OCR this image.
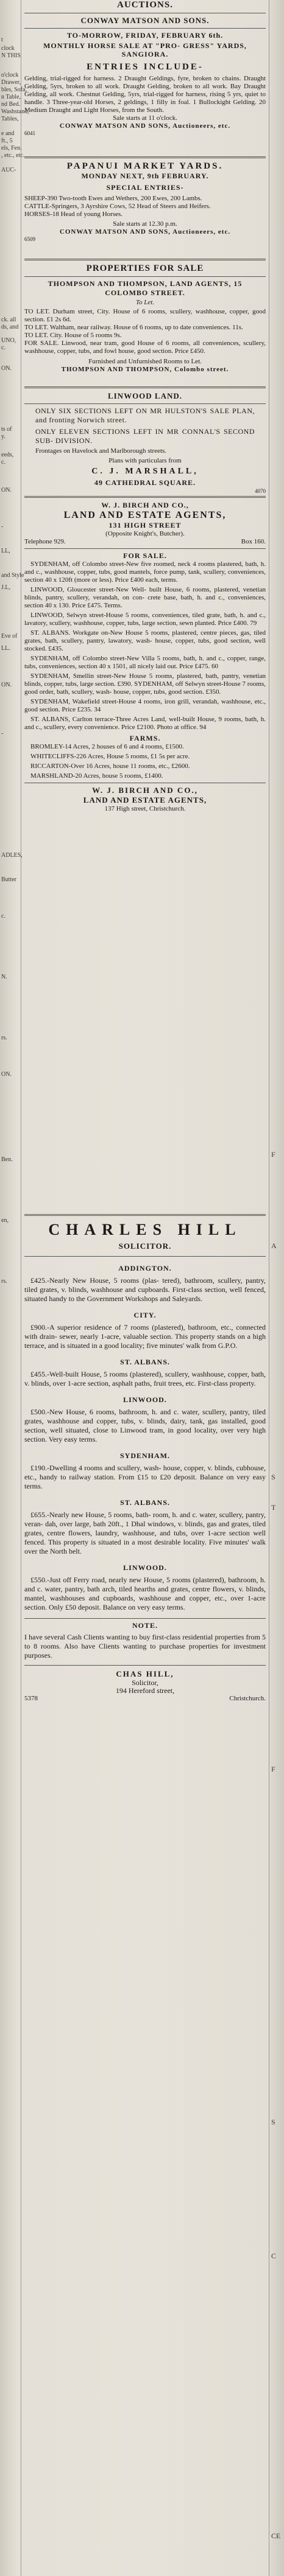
t
clock
N THIS
o'clock
Drawer,
bles, Sofa,
n Table,
nd Bed.
Washstand,
Tables,
e and
ft., 5
els, Fen.
, etc., etc.
AUC-
ck. all
ds, and
UNO,
c.
ON.
ts of
y.
eeds,
c.
ON.
-
LL,
and Style
J.L,
Eve of
LL.
ON.
-
ADLES,
Butter
c.
N.
rs.
ON.
Ben.
en,
rs.
F
A
S
T
F
S
C
CE
AUCTIONS.
CONWAY MATSON AND SONS.
TO-MORROW, FRIDAY, FEBRUARY 6th.
MONTHLY HORSE SALE AT "PRO- GRESS" YARDS, SANGIORA.
ENTRIES INCLUDE-

Gelding, trial-rigged for harness. 2 Draught Geldings, fyre, broken to chains. Draught Gelding, 5yrs, broken to all work. Draught Gelding, broken to all work. Bay Draught Gelding, all work. Chestnut Gelding, 5yrs, trial-rigged for harness, rising 5 yrs, quiet to handle. 3 Three-year-old Horses, 2 geldings, 1 filly in foal. 1 Bullockight Gelding. 20 Medium Draught and Light Horses, from the South.

Sale starts at 11 o'clock.
CONWAY MATSON AND SONS, Auctioneers, etc.
6041
PAPANUI MARKET YARDS.
MONDAY NEXT, 9th FEBRUARY.
SPECIAL ENTRIES-

SHEEP-390 Two-tooth Ewes and Wethers, 200 Ewes, 200 Lambs.

CATTLE-Springers, 3 Ayrshire Cows, 52 Head of Steers and Heifers.

HORSES-18 Head of young Horses.

Sale starts at 12.30 p.m.
CONWAY MATSON AND SONS, Auctioneers, etc.
6509
PROPERTIES FOR SALE
THOMPSON AND THOMPSON, LAND AGENTS, 15 COLOMBO STREET.
To Let.

TO LET. Durham street, City. House of 6 rooms, scullery, washhouse, copper, good section. £1 2s 6d.

TO LET. Waltham, near railway. House of 6 rooms, up to date conveniences. 11s.

TO LET. City. House of 5 rooms 9s.

FOR SALE. Linwood, near tram, good House of 6 rooms, all conveniences, scullery, washhouse, copper, tubs, and fowl house, good section. Price £450.

Furnished and Unfurnished Rooms to Let.

THOMPSON AND THOMPSON, Colombo street.
LINWOOD LAND.

ONLY SIX SECTIONS LEFT ON MR HULSTON'S SALE PLAN, and fronting Norwich street.

ONLY ELEVEN SECTIONS LEFT IN MR CONNAL'S SECOND SUB- DIVISION.

Frontages on Havelock and Marlborough streets.

Plans with particulars from
C. J. MARSHALL,
49 CATHEDRAL SQUARE.
4070
W. J. BIRCH AND CO.,
LAND AND ESTATE AGENTS,
131 HIGH STREET
(Opposite Knight's, Butcher).
Telephone 929.	Box 160.
FOR SALE.

SYDENHAM, off Colombo street-New five roomed, neck 4 rooms plastered, bath, h. and c., washhouse, copper, tubs, good mantels, force pump, tank, scullery, conveniences, section 40 x 120ft (more or less). Price £400 each, terms.

LINWOOD, Gloucester street-New Well- built House, 6 rooms, plastered, venetian blinds, pantry, scullery, verandah, on con- crete base, bath, h. and c., conveniences, section 40 x 130. Price £475. Terms.

LINWOOD, Selwyn street-House 5 rooms, conveniences, tiled grate, bath, h. and c., lavatory, scullery, washhouse, copper, tubs, large section, sewn planted. Price £400. 79

ST. ALBANS. Workgate on-New House 5 rooms, plastered, centre pieces, gas, tiled grates, bath, scullery, pantry, lawatory, wash- house, copper, tubs, good section, well stocked. £435.

SYDENHAM, off Colombo street-New Villa 5 rooms, bath, h. and c., copper, range, tubs, conveniences, section 40 x 1501, all nicely laid out. Price £475. 60

SYDENHAM, Smellin street-New House 5 rooms, plastered, bath, pantry, venetian blinds, copper, tubs, large section. £390. SYDENHAM, off Selwyn street-House 7 rooms, good order, bath, scullery, wash- house, copper, tubs, good section. £350.

SYDENHAM, Wakefield street-House 4 rooms, iron grill, verandah, washhouse, etc., good section. Price £235. 34

ST. ALBANS, Carlton terrace-Three Acres Land, well-built House, 9 rooms, bath, h. and c., scullery, every convenience. Price £2100. Photo at office. 94

FARMS.

BROMLEY-14 Acres, 2 houses of 6 and 4 rooms, £1500.

WHITECLIFFS-226 Acres, House 5 rooms, £1 5s per acre.

RICCARTON-Over 16 Acres, house 11 rooms, etc., £2600.

MARSHLAND-20 Acres, house 5 rooms, £1400.

W. J. BIRCH AND CO.,
LAND AND ESTATE AGENTS,
137 High street, Christchurch.
CHARLES HILL
SOLICITOR.
ADDINGTON.

£425.-Nearly New House, 5 rooms (plas- tered), bathroom, scullery, pantry, tiled grates, v. blinds, washhouse and cupboards. First-class section, well fenced, situated handy to the Government Workshops and Saleyards.

CITY.

£900.-A superior residence of 7 rooms (plastered), bathroom, etc., connected with drain- sewer, nearly 1-acre, valuable section. This property stands on a high terrace, and is situated in a good locality; five minutes' walk from G.P.O.

ST. ALBANS.

£455.-Well-built House, 5 rooms (plastered), scullery, washhouse, copper, bath, v. blinds, over 1-acre section, asphalt paths, fruit trees, etc. First-class property.

LINWOOD.

£500.-New House, 6 rooms, bathroom, h. and c. water, scullery, pantry, tiled grates, washhouse and copper, tubs, v. blinds, dairy, tank, gas installed, good section, well situated, close to Linwood tram, in good locality, over very high section. Very easy terms.

SYDENHAM.

£190.-Dwelling 4 rooms and scullery, wash- house, copper, v. blinds, cubhouse, etc., handy to railway station. From £15 to £20 deposit. Balance on very easy terms.

ST. ALBANS.

£655.-Nearly new House, 5 rooms, bath- room, h. and c. water, scullery, pantry, veran- dah, over large, bath 20ft., 1 Dhal windows, v. blinds, gas and grates, tiled grates, centre flowers, laundry, washhouse, and tubs, over 1-acre section well fenced. This property is situated in a most desirable locality. Five minutes' walk over the North belt.

LINWOOD.

£550.-Just off Ferry road, nearly new House, 5 rooms (plastered), bathroom, h. and c. water, pantry, bath arch, tiled hearths and grates, centre flowers, v. blinds, mantel, washhouses and cupboards, washhouse and copper, etc., over 1-acre section. Only £50 deposit. Balance on very easy terms.

NOTE.

I have several Cash Clients wanting to buy first-class residential properties from 5 to 8 rooms. Also have Clients wanting to purchase properties for investment purposes.

CHAS HILL,
Solicitor,
194 Hereford street,
5378	Christchurch.
